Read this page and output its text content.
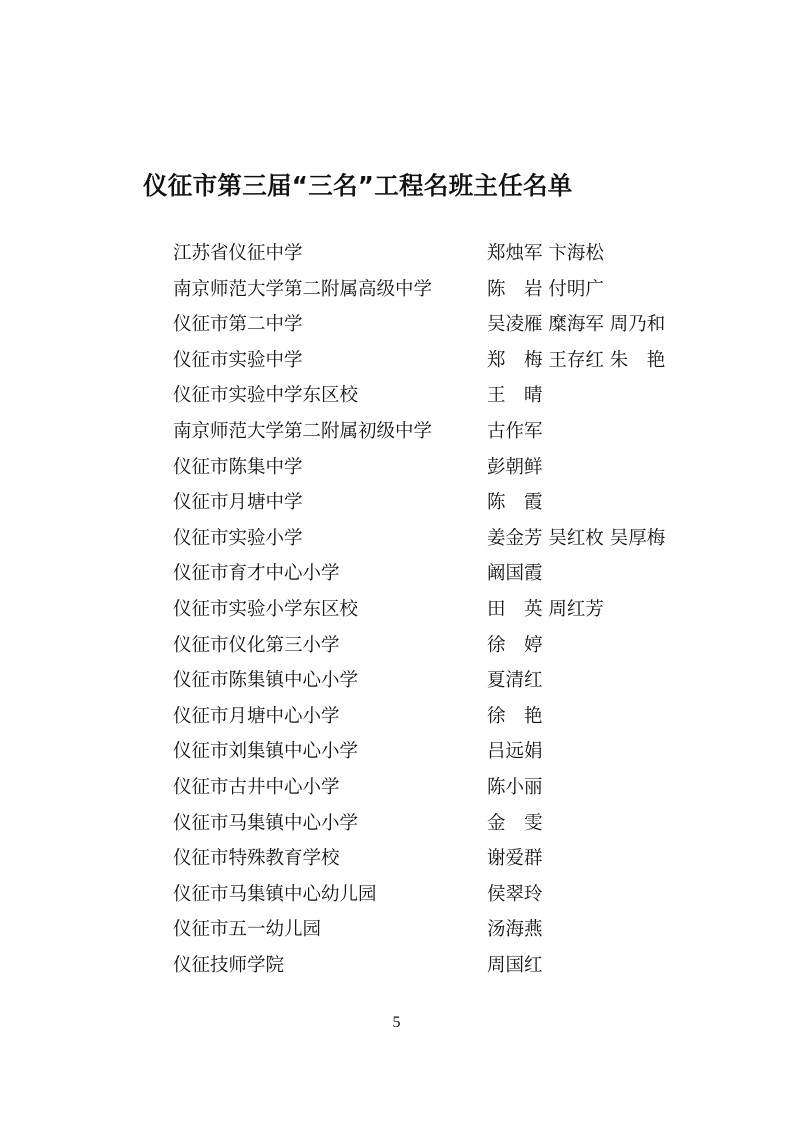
仪征市第三届“三名”工程名班主任名单
江苏省仪征中学	郑烛军 卞海松
南京师范大学第二附属高级中学	陈　岩 付明广
仪征市第二中学	吴凌雁 糜海军 周乃和
仪征市实验中学	郑　梅 王存红 朱　艳
仪征市实验中学东区校	王　晴
南京师范大学第二附属初级中学	古作军
仪征市陈集中学	彭朝鲜
仪征市月塘中学	陈　霞
仪征市实验小学	姜金芳 吴红枚 吴厚梅
仪征市育才中心小学	阚国霞
仪征市实验小学东区校	田　英 周红芳
仪征市仪化第三小学	徐　婷
仪征市陈集镇中心小学	夏清红
仪征市月塘中心小学	徐　艳
仪征市刘集镇中心小学	吕远娟
仪征市古井中心小学	陈小丽
仪征市马集镇中心小学	金　雯
仪征市特殊教育学校	谢爱群
仪征市马集镇中心幼儿园	侯翠玲
仪征市五一幼儿园	汤海燕
仪征技师学院	周国红
5
